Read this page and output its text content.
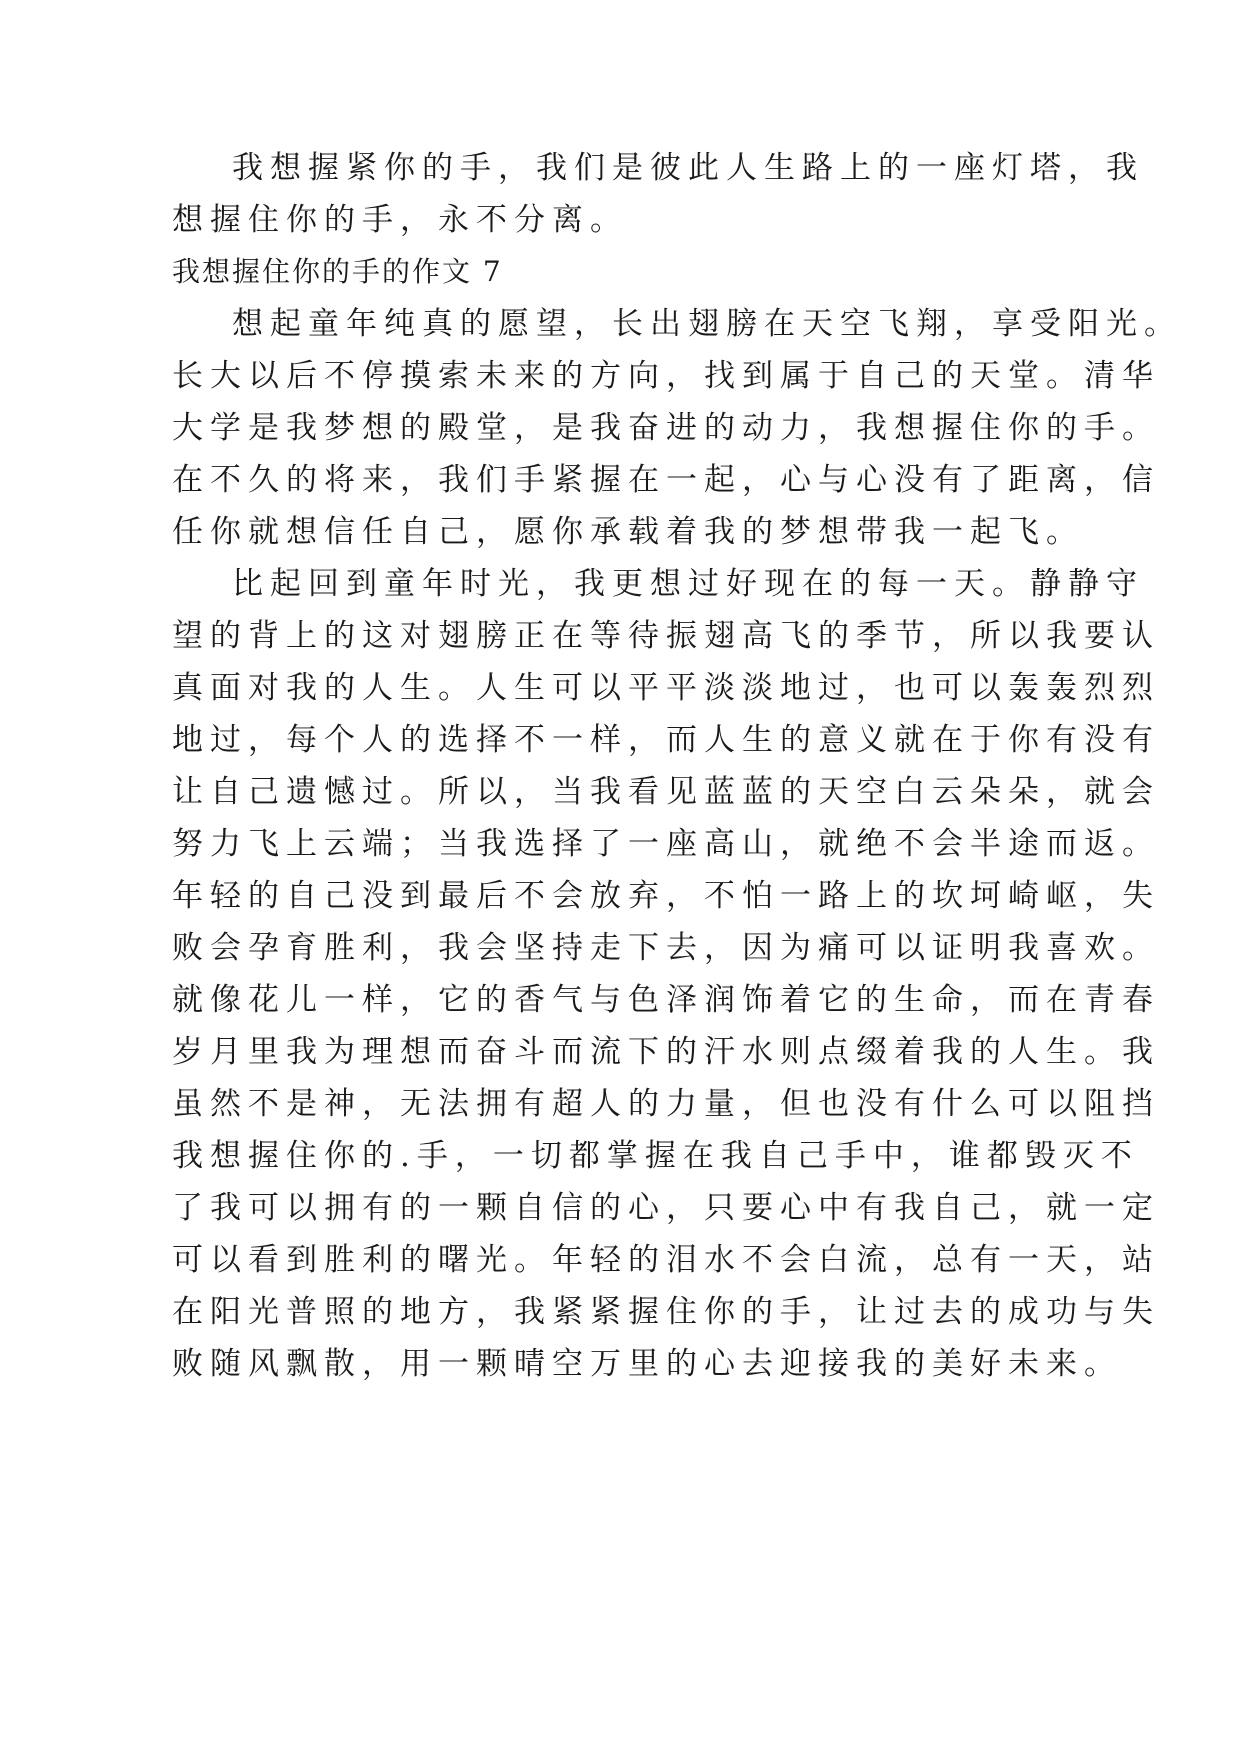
我想握紧你的手，我们是彼此人生路上的一座灯塔，我
想握住你的手，永不分离。
我想握住你的手的作文 7
想起童年纯真的愿望，长出翅膀在天空飞翔，享受阳光。
长大以后不停摸索未来的方向，找到属于自己的天堂。清华
大学是我梦想的殿堂，是我奋进的动力，我想握住你的手。
在不久的将来，我们手紧握在一起，心与心没有了距离，信
任你就想信任自己，愿你承载着我的梦想带我一起飞。
比起回到童年时光，我更想过好现在的每一天。静静守
望的背上的这对翅膀正在等待振翅高飞的季节，所以我要认
真面对我的人生。人生可以平平淡淡地过，也可以轰轰烈烈
地过，每个人的选择不一样，而人生的意义就在于你有没有
让自己遗憾过。所以，当我看见蓝蓝的天空白云朵朵，就会
努力飞上云端；当我选择了一座高山，就绝不会半途而返。
年轻的自己没到最后不会放弃，不怕一路上的坎坷崎岖，失
败会孕育胜利，我会坚持走下去，因为痛可以证明我喜欢。
就像花儿一样，它的香气与色泽润饰着它的生命，而在青春
岁月里我为理想而奋斗而流下的汗水则点缀着我的人生。我
虽然不是神，无法拥有超人的力量，但也没有什么可以阻挡
我想握住你的.手，一切都掌握在我自己手中，谁都毁灭不
了我可以拥有的一颗自信的心，只要心中有我自己，就一定
可以看到胜利的曙光。年轻的泪水不会白流，总有一天，站
在阳光普照的地方，我紧紧握住你的手，让过去的成功与失
败随风飘散，用一颗晴空万里的心去迎接我的美好未来。
